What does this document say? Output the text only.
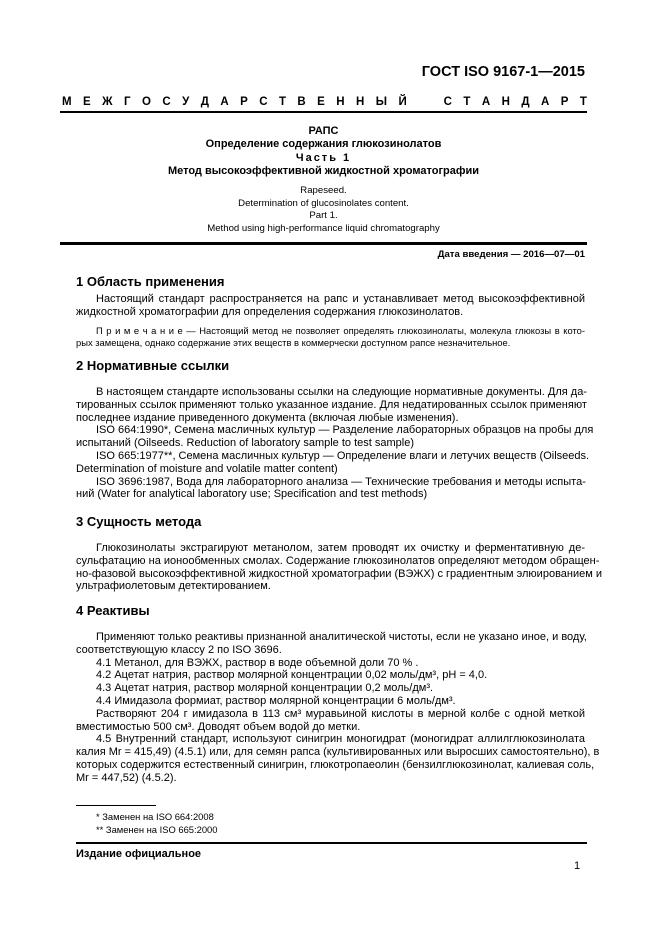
ГОСТ ISO 9167-1—2015
М Е Ж Г О С У Д А Р С Т В Е Н Н Ы Й	С Т А Н Д А Р Т
РАПС
Определение содержания глюкозинолатов
Часть 1
Метод высокоэффективной жидкостной хроматографии
Rapeseed.
Determination of glucosinolates content.
Part 1.
Method using high-performance liquid chromatography
Дата введения — 2016—07—01
1 Область применения
Настоящий стандарт распространяется на рапс и устанавливает метод высокоэффективной
жидкостной хроматографии для определения содержания глюкозинолатов.
П р и м е ч а н и е — Настоящий метод не позволяет определять глюкозинолаты, молекула глюкозы в кото-
рых замещена, однако содержание этих веществ в коммерчески доступном рапсе незначительное.
2 Нормативные ссылки
В настоящем стандарте использованы ссылки на следующие нормативные документы. Для да-
тированных ссылок применяют только указанное издание. Для недатированных ссылок применяют
последнее издание приведенного документа (включая любые изменения).
ISO 664:1990*, Семена масличных культур — Разделение лабораторных образцов на пробы для
испытаний (Oilseeds. Reduction of laboratory sample to test sample)
ISO 665:1977**, Семена масличных культур — Определение влаги и летучих веществ (Oilseeds.
Determination of moisture and volatile matter content)
ISO 3696:1987, Вода для лабораторного анализа — Технические требования и методы испыта-
ний (Water for analytical laboratory use; Specification and test methods)
3 Сущность метода
Глюкозинолаты экстрагируют метанолом, затем проводят их очистку и ферментативную де-
сульфатацию на ионообменных смолах. Содержание глюкозинолатов определяют методом обращен-
но-фазовой высокоэффективной жидкостной хроматографии (ВЭЖХ) с градиентным элюированием и
ультрафиолетовым детектированием.
4 Реактивы
Применяют только реактивы признанной аналитической чистоты, если не указано иное, и воду,
соответствующую классу 2 по ISO 3696.
4.1 Метанол, для ВЭЖХ, раствор в воде объемной доли 70 % .
4.2 Ацетат натрия, раствор молярной концентрации 0,02 моль/дм³, pH = 4,0.
4.3 Ацетат натрия, раствор молярной концентрации 0,2 моль/дм³.
4.4 Имидазола формиат, раствор молярной концентрации 6 моль/дм³.
Растворяют 204 г имидазола в 113 см³ муравьиной кислоты в мерной колбе с одной меткой
вместимостью 500 см³. Доводят объем водой до метки.
4.5 Внутренний стандарт, используют синигрин моногидрат (моногидрат аллилглюкозинолата
калия Mr = 415,49) (4.5.1) или, для семян рапса (культивированных или выросших самостоятельно), в
которых содержится естественный синигрин, глюкотропаеолин (бензилглюкозинолат, калиевая соль,
Mr = 447,52) (4.5.2).
* Заменен на ISO 664:2008
** Заменен на ISO 665:2000
Издание официальное
1
